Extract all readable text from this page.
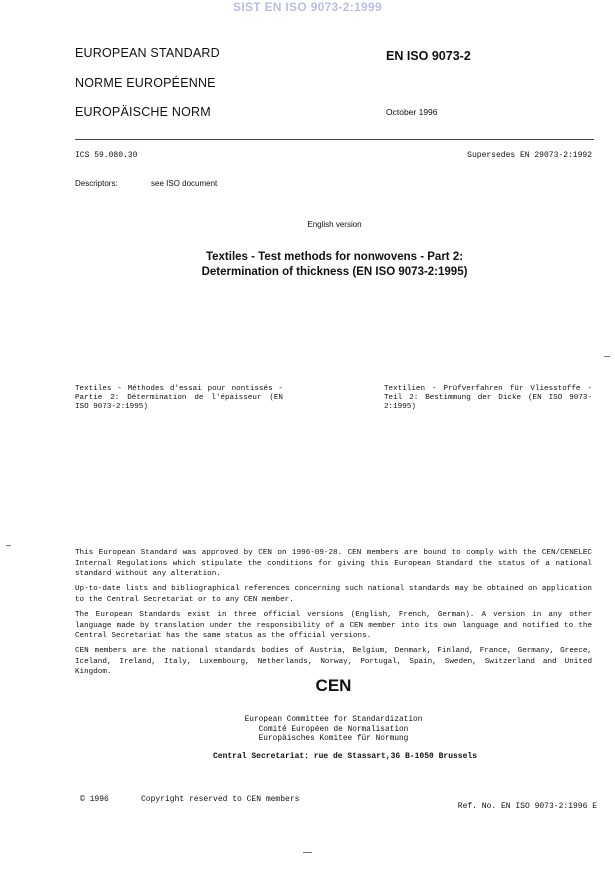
SIST EN ISO 9073-2:1999
EUROPEAN STANDARD
NORME EUROPÉENNE
EUROPÄISCHE NORM
EN ISO 9073-2
October 1996
ICS 59.080.30	Supersedes EN 29073-2:1992
Descriptors:	see ISO document
English version
Textiles - Test methods for nonwovens - Part 2:
Determination of thickness (EN ISO 9073-2:1995)
Textiles - Méthodes d'essai pour nontissés - Partie 2: Détermination de l'épaisseur (EN ISO 9073-2:1995)
Textilien - Prüfverfahren für Vliesstoffe - Teil 2: Bestimmung der Dicke (EN ISO 9073-2:1995)
This European Standard was approved by CEN on 1996-09-28. CEN members are bound to comply with the CEN/CENELEC Internal Regulations which stipulate the conditions for giving this European Standard the status of a national standard without any alteration.
Up-to-date lists and bibliographical references concerning such national standards may be obtained on application to the Central Secretariat or to any CEN member.
The European Standards exist in three official versions (English, French, German). A version in any other language made by translation under the responsibility of a CEN member into its own language and notified to the Central Secretariat has the same status as the official versions.
CEN members are the national standards bodies of Austria, Belgium, Denmark, Finland, France, Germany, Greece, Iceland, Ireland, Italy, Luxembourg, Netherlands, Norway, Portugal, Spain, Sweden, Switzerland and United Kingdom.
CEN
European Committee for Standardization
Comité Européen de Normalisation
Europäisches Komitee für Normung
Central Secretariat: rue de Stassart,36 B-1050 Brussels
© 1996	Copyright reserved to CEN members
Ref. No. EN ISO 9073-2:1996 E
